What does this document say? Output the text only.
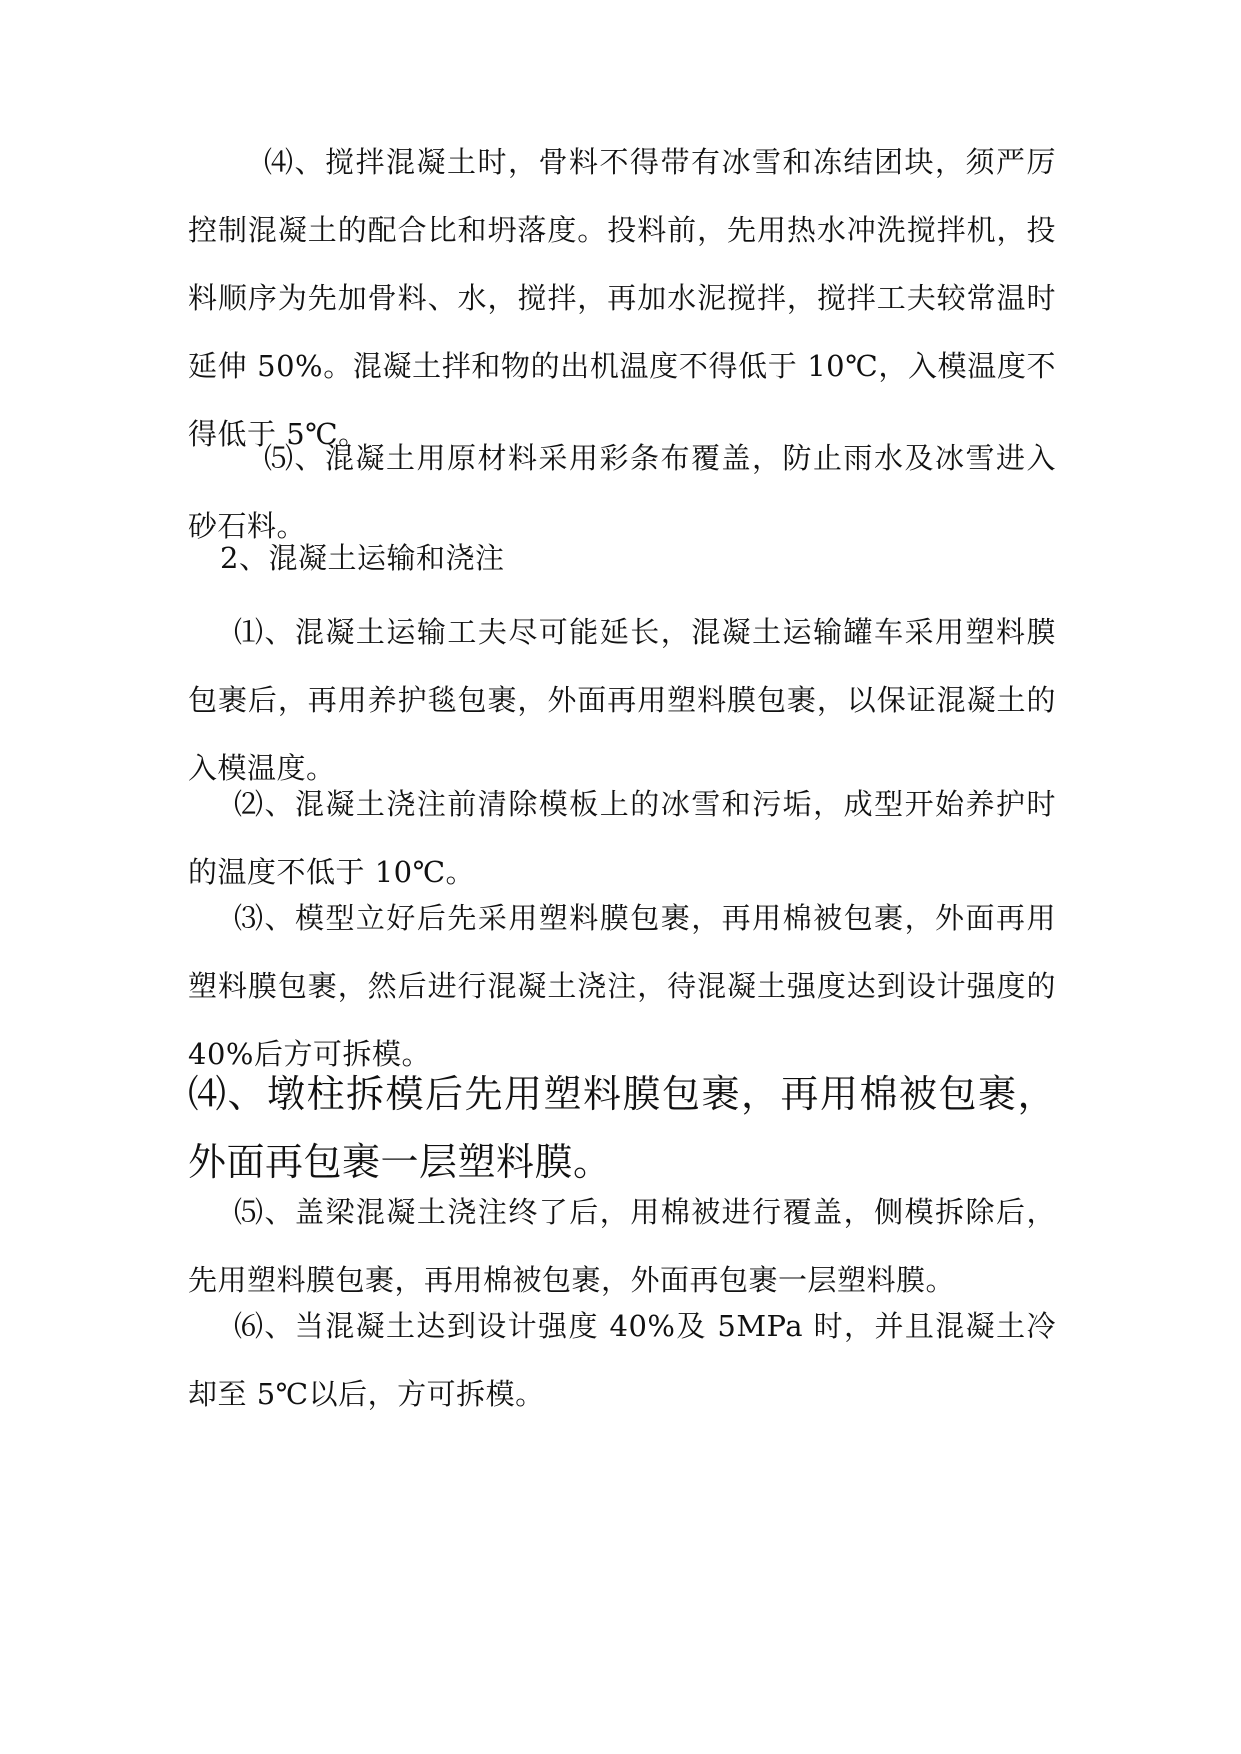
⑷、搅拌混凝土时，骨料不得带有冰雪和冻结团块，须严厉控制混凝土的配合比和坍落度。投料前，先用热水冲洗搅拌机，投料顺序为先加骨料、水，搅拌，再加水泥搅拌，搅拌工夫较常温时延伸 50%。混凝土拌和物的出机温度不得低于 10℃，入模温度不得低于 5℃。

⑸、混凝土用原材料采用彩条布覆盖，防止雨水及冰雪进入砂石料。

2、混凝土运输和浇注

⑴、混凝土运输工夫尽可能延长，混凝土运输罐车采用塑料膜包裹后，再用养护毯包裹，外面再用塑料膜包裹，以保证混凝土的入模温度。

⑵、混凝土浇注前清除模板上的冰雪和污垢，成型开始养护时的温度不低于 10℃。

⑶、模型立好后先采用塑料膜包裹，再用棉被包裹，外面再用塑料膜包裹，然后进行混凝土浇注，待混凝土强度达到设计强度的 40%后方可拆模。

⑷、墩柱拆模后先用塑料膜包裹，再用棉被包裹，外面再包裹一层塑料膜。

⑸、盖梁混凝土浇注终了后，用棉被进行覆盖，侧模拆除后，先用塑料膜包裹，再用棉被包裹，外面再包裹一层塑料膜。

⑹、当混凝土达到设计强度 40%及 5MPa 时，并且混凝土冷却至 5℃以后，方可拆模。
